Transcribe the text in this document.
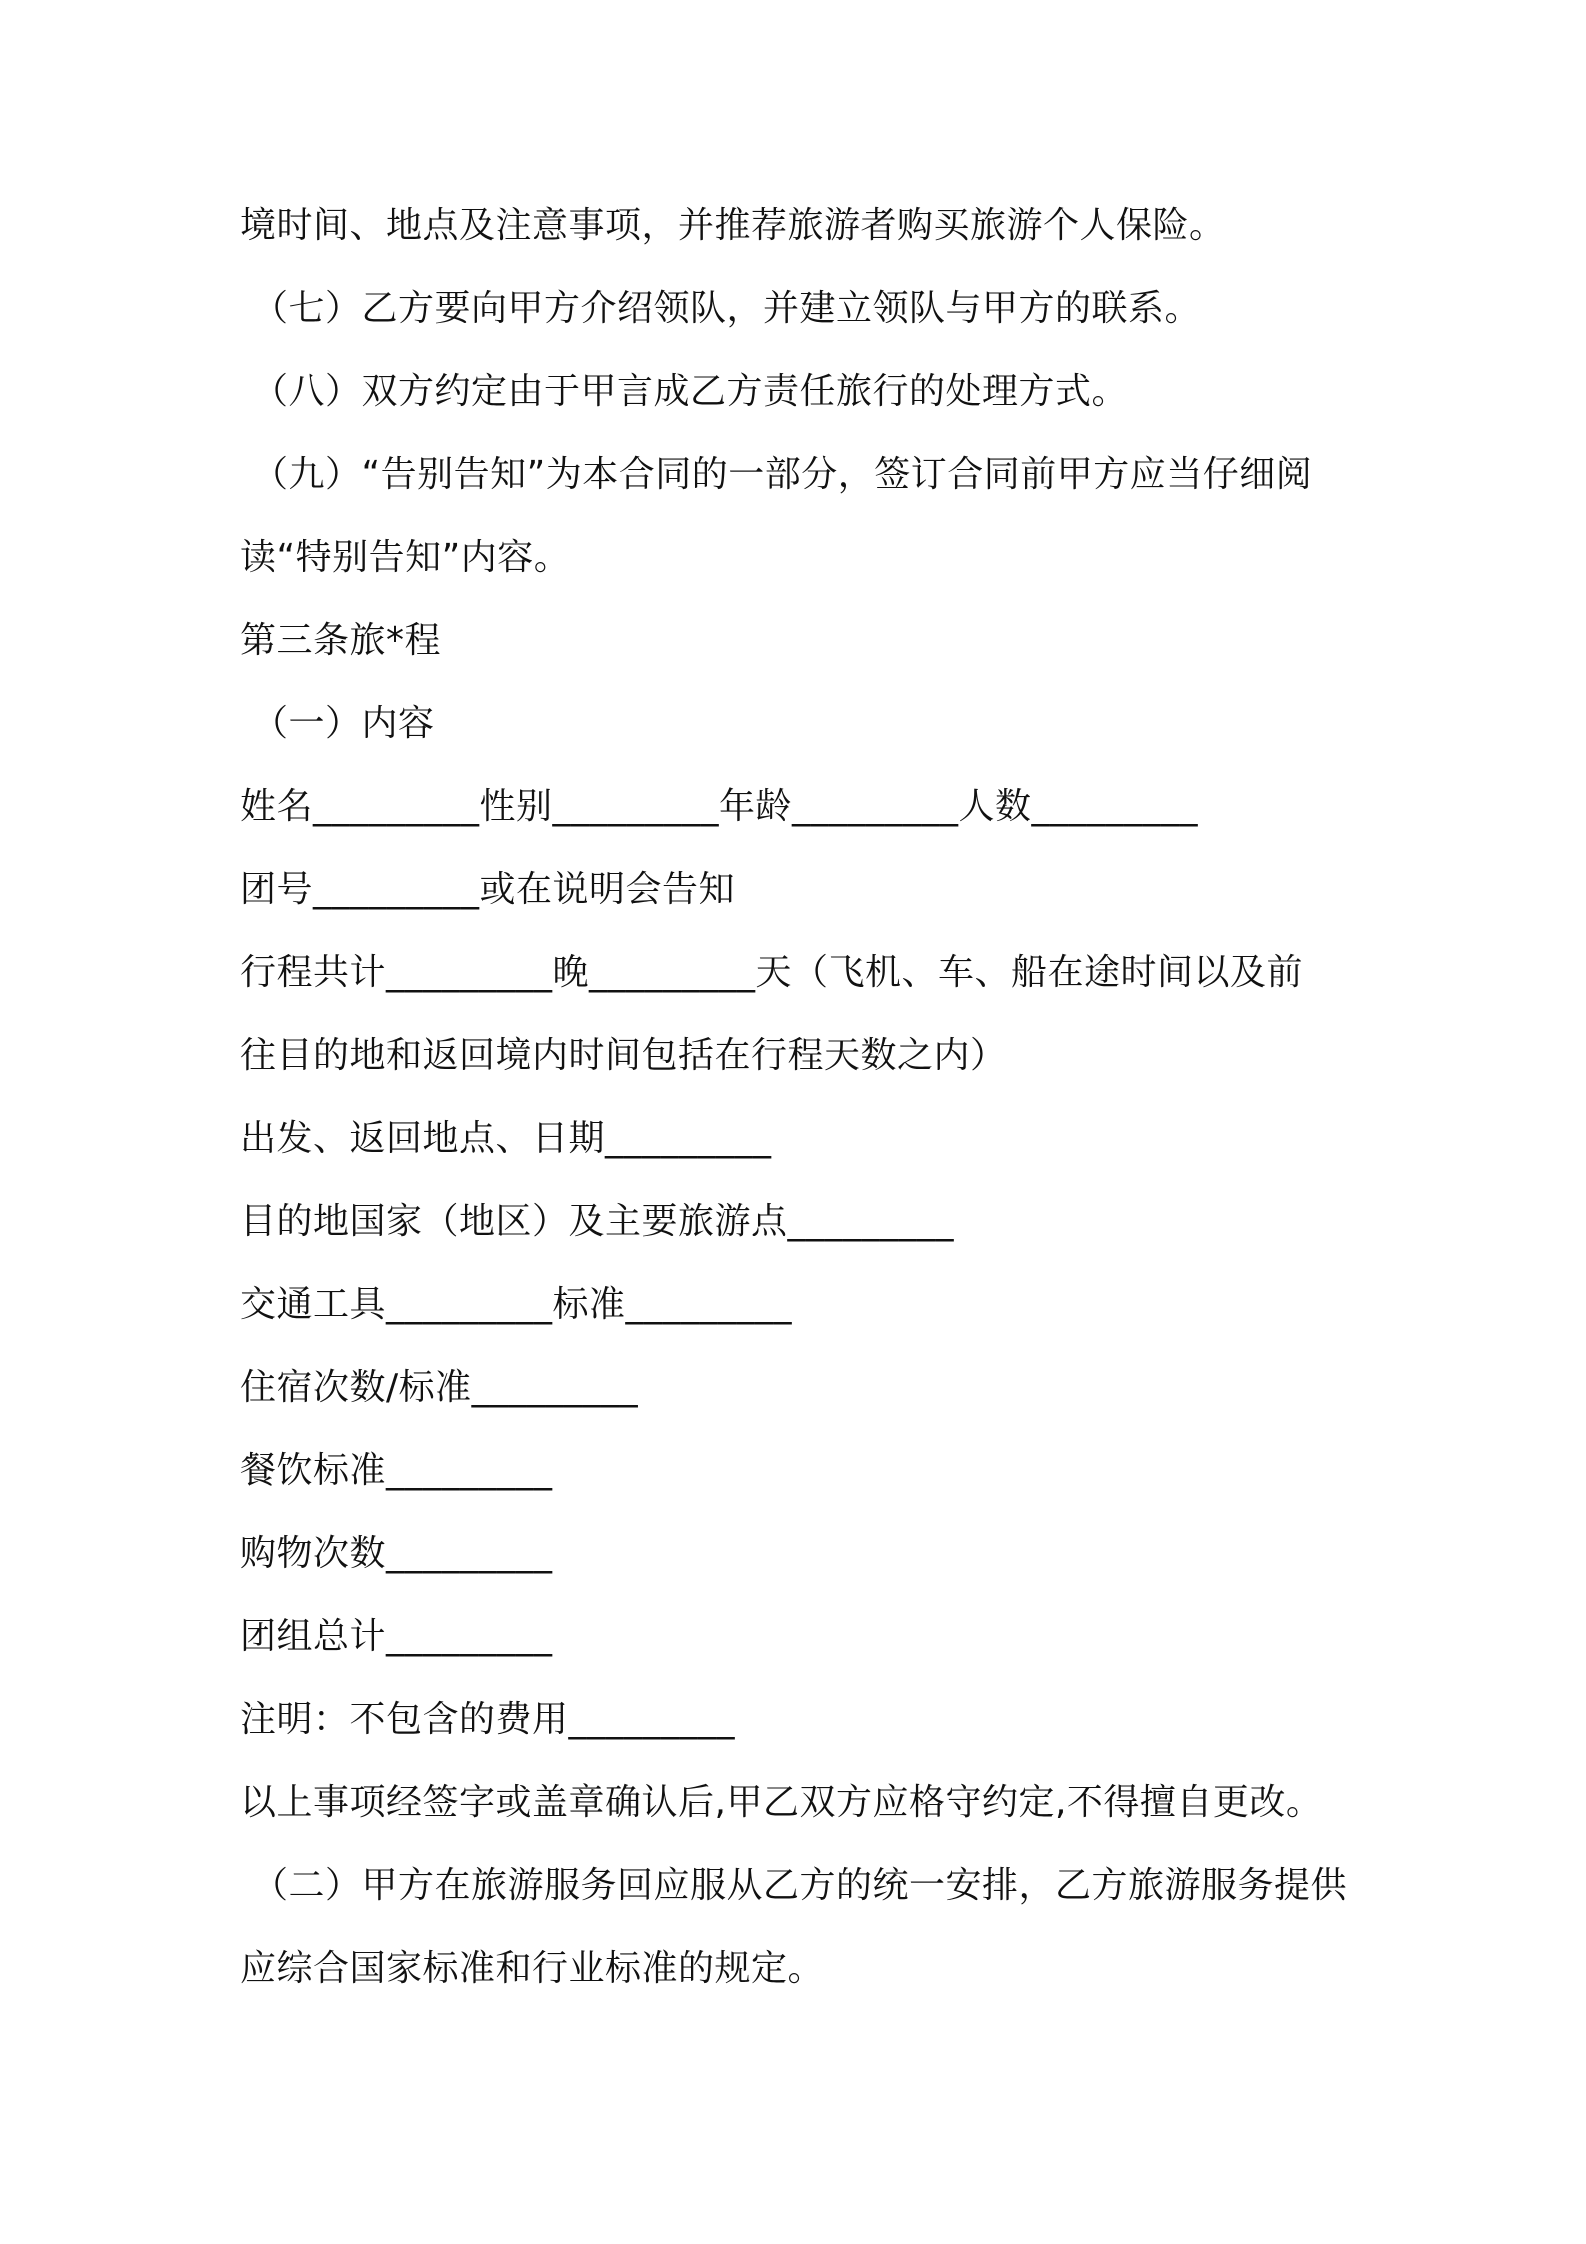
境时间、地点及注意事项，并推荐旅游者购买旅游个人保险。
（七）乙方要向甲方介绍领队，并建立领队与甲方的联系。
（八）双方约定由于甲言成乙方责任旅行的处理方式。
（九）“告别告知”为本合同的一部分，签订合同前甲方应当仔细阅
读“特别告知”内容。
第三条旅*程
（一）内容
姓名_________性别_________年龄_________人数_________
团号_________或在说明会告知
行程共计_________晚_________天（飞机、车、船在途时间以及前
往目的地和返回境内时间包括在行程天数之内）
出发、返回地点、日期_________
目的地国家（地区）及主要旅游点_________
交通工具_________标准_________
住宿次数/标准_________
餐饮标准_________
购物次数_________
团组总计_________
注明：不包含的费用_________
以上事项经签字或盖章确认后,甲乙双方应格守约定,不得擅自更改。
（二）甲方在旅游服务回应服从乙方的统一安排，乙方旅游服务提供
应综合国家标准和行业标准的规定。
